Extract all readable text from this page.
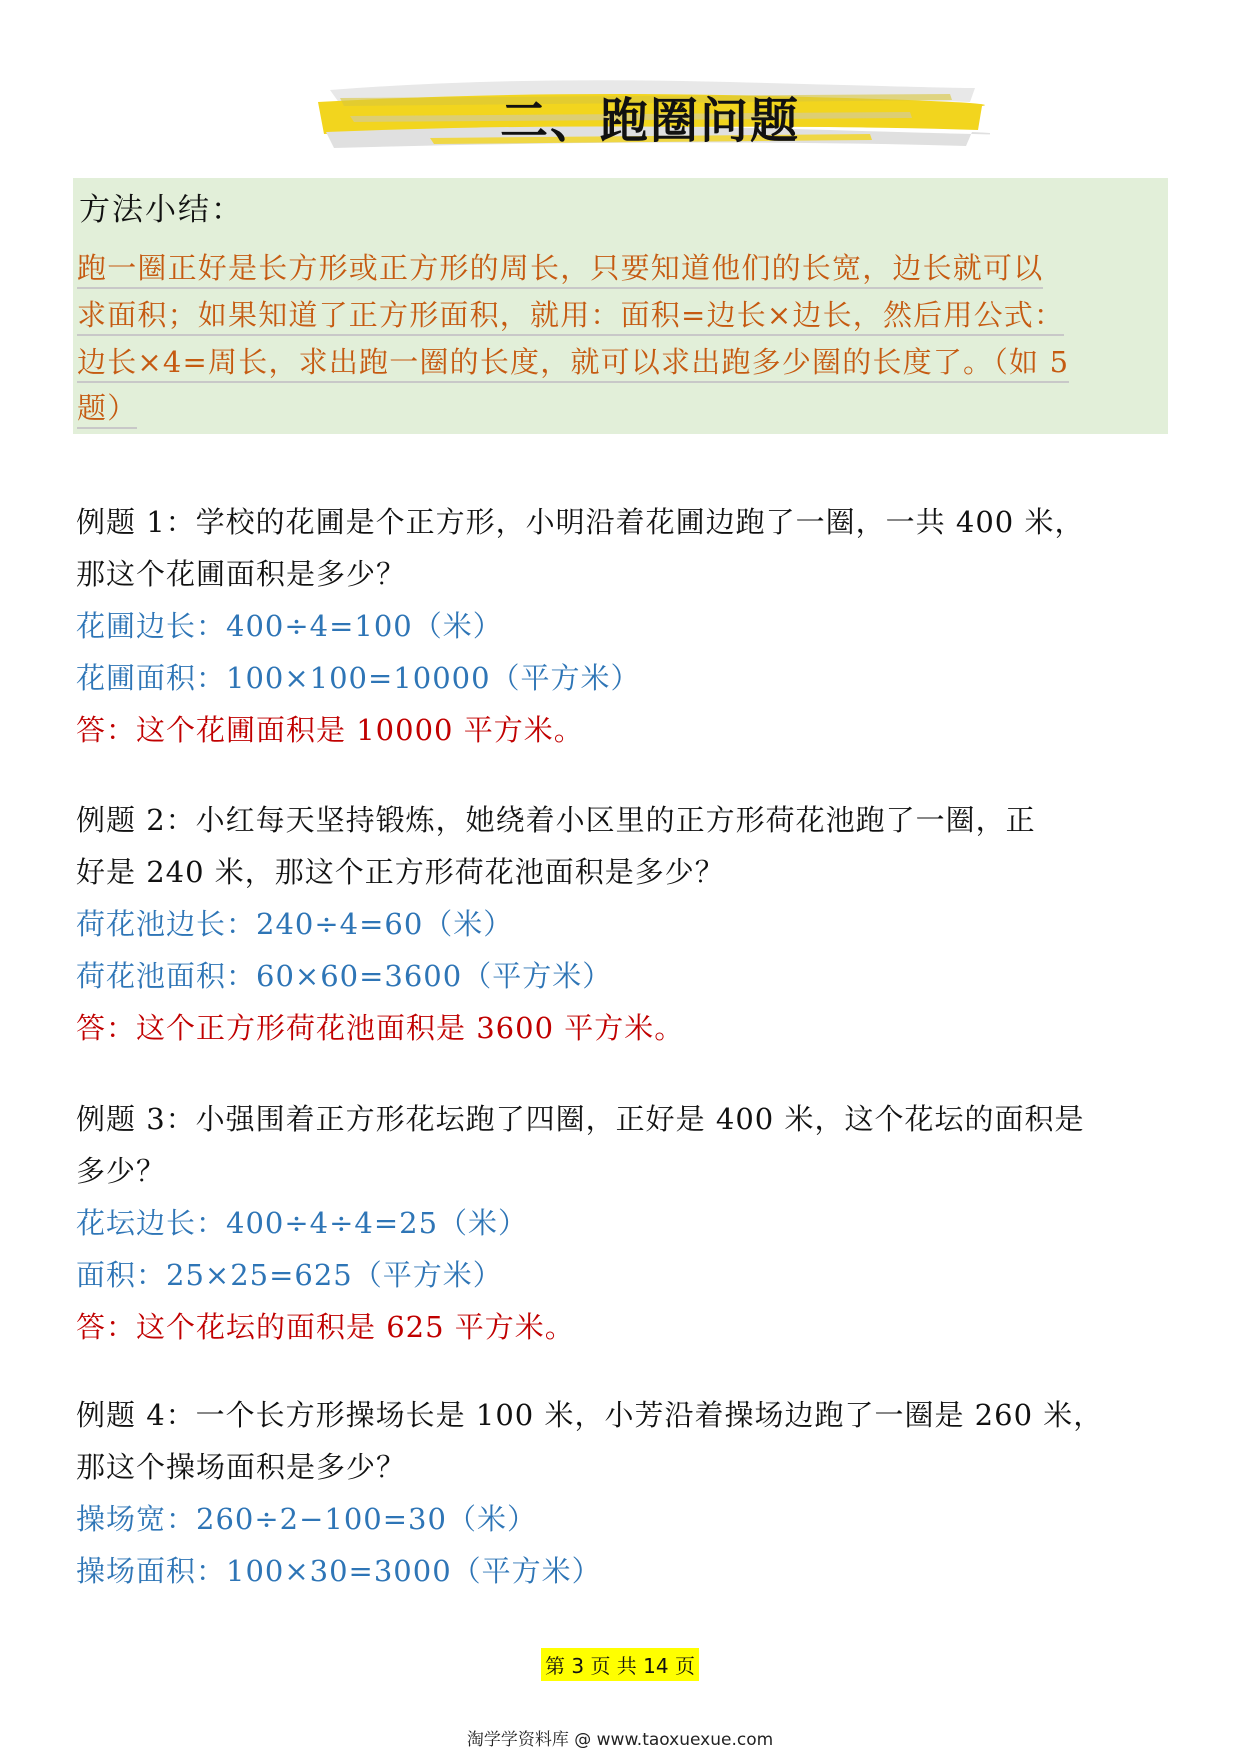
二、跑圈问题
方法小结：
跑一圈正好是长方形或正方形的周长，只要知道他们的长宽，边长就可以
求面积；如果知道了正方形面积，就用：面积=边长×边长，然后用公式：
边长×4=周长，求出跑一圈的长度，就可以求出跑多少圈的长度了。（如 5
题）
例题 1：学校的花圃是个正方形，小明沿着花圃边跑了一圈，一共 400 米，
那这个花圃面积是多少？
花圃边长：400÷4=100（米）
花圃面积：100×100=10000（平方米）
答：这个花圃面积是 10000 平方米。
例题 2：小红每天坚持锻炼，她绕着小区里的正方形荷花池跑了一圈，正
好是 240 米，那这个正方形荷花池面积是多少？
荷花池边长：240÷4=60（米）
荷花池面积：60×60=3600（平方米）
答：这个正方形荷花池面积是 3600 平方米。
例题 3：小强围着正方形花坛跑了四圈，正好是 400 米，这个花坛的面积是
多少？
花坛边长：400÷4÷4=25（米）
面积：25×25=625（平方米）
答：这个花坛的面积是 625 平方米。
例题 4：一个长方形操场长是 100 米，小芳沿着操场边跑了一圈是 260 米，
那这个操场面积是多少？
操场宽：260÷2−100=30（米）
操场面积：100×30=3000（平方米）
第 3 页 共 14 页
淘学学资料库 @ www.taoxuexue.com
